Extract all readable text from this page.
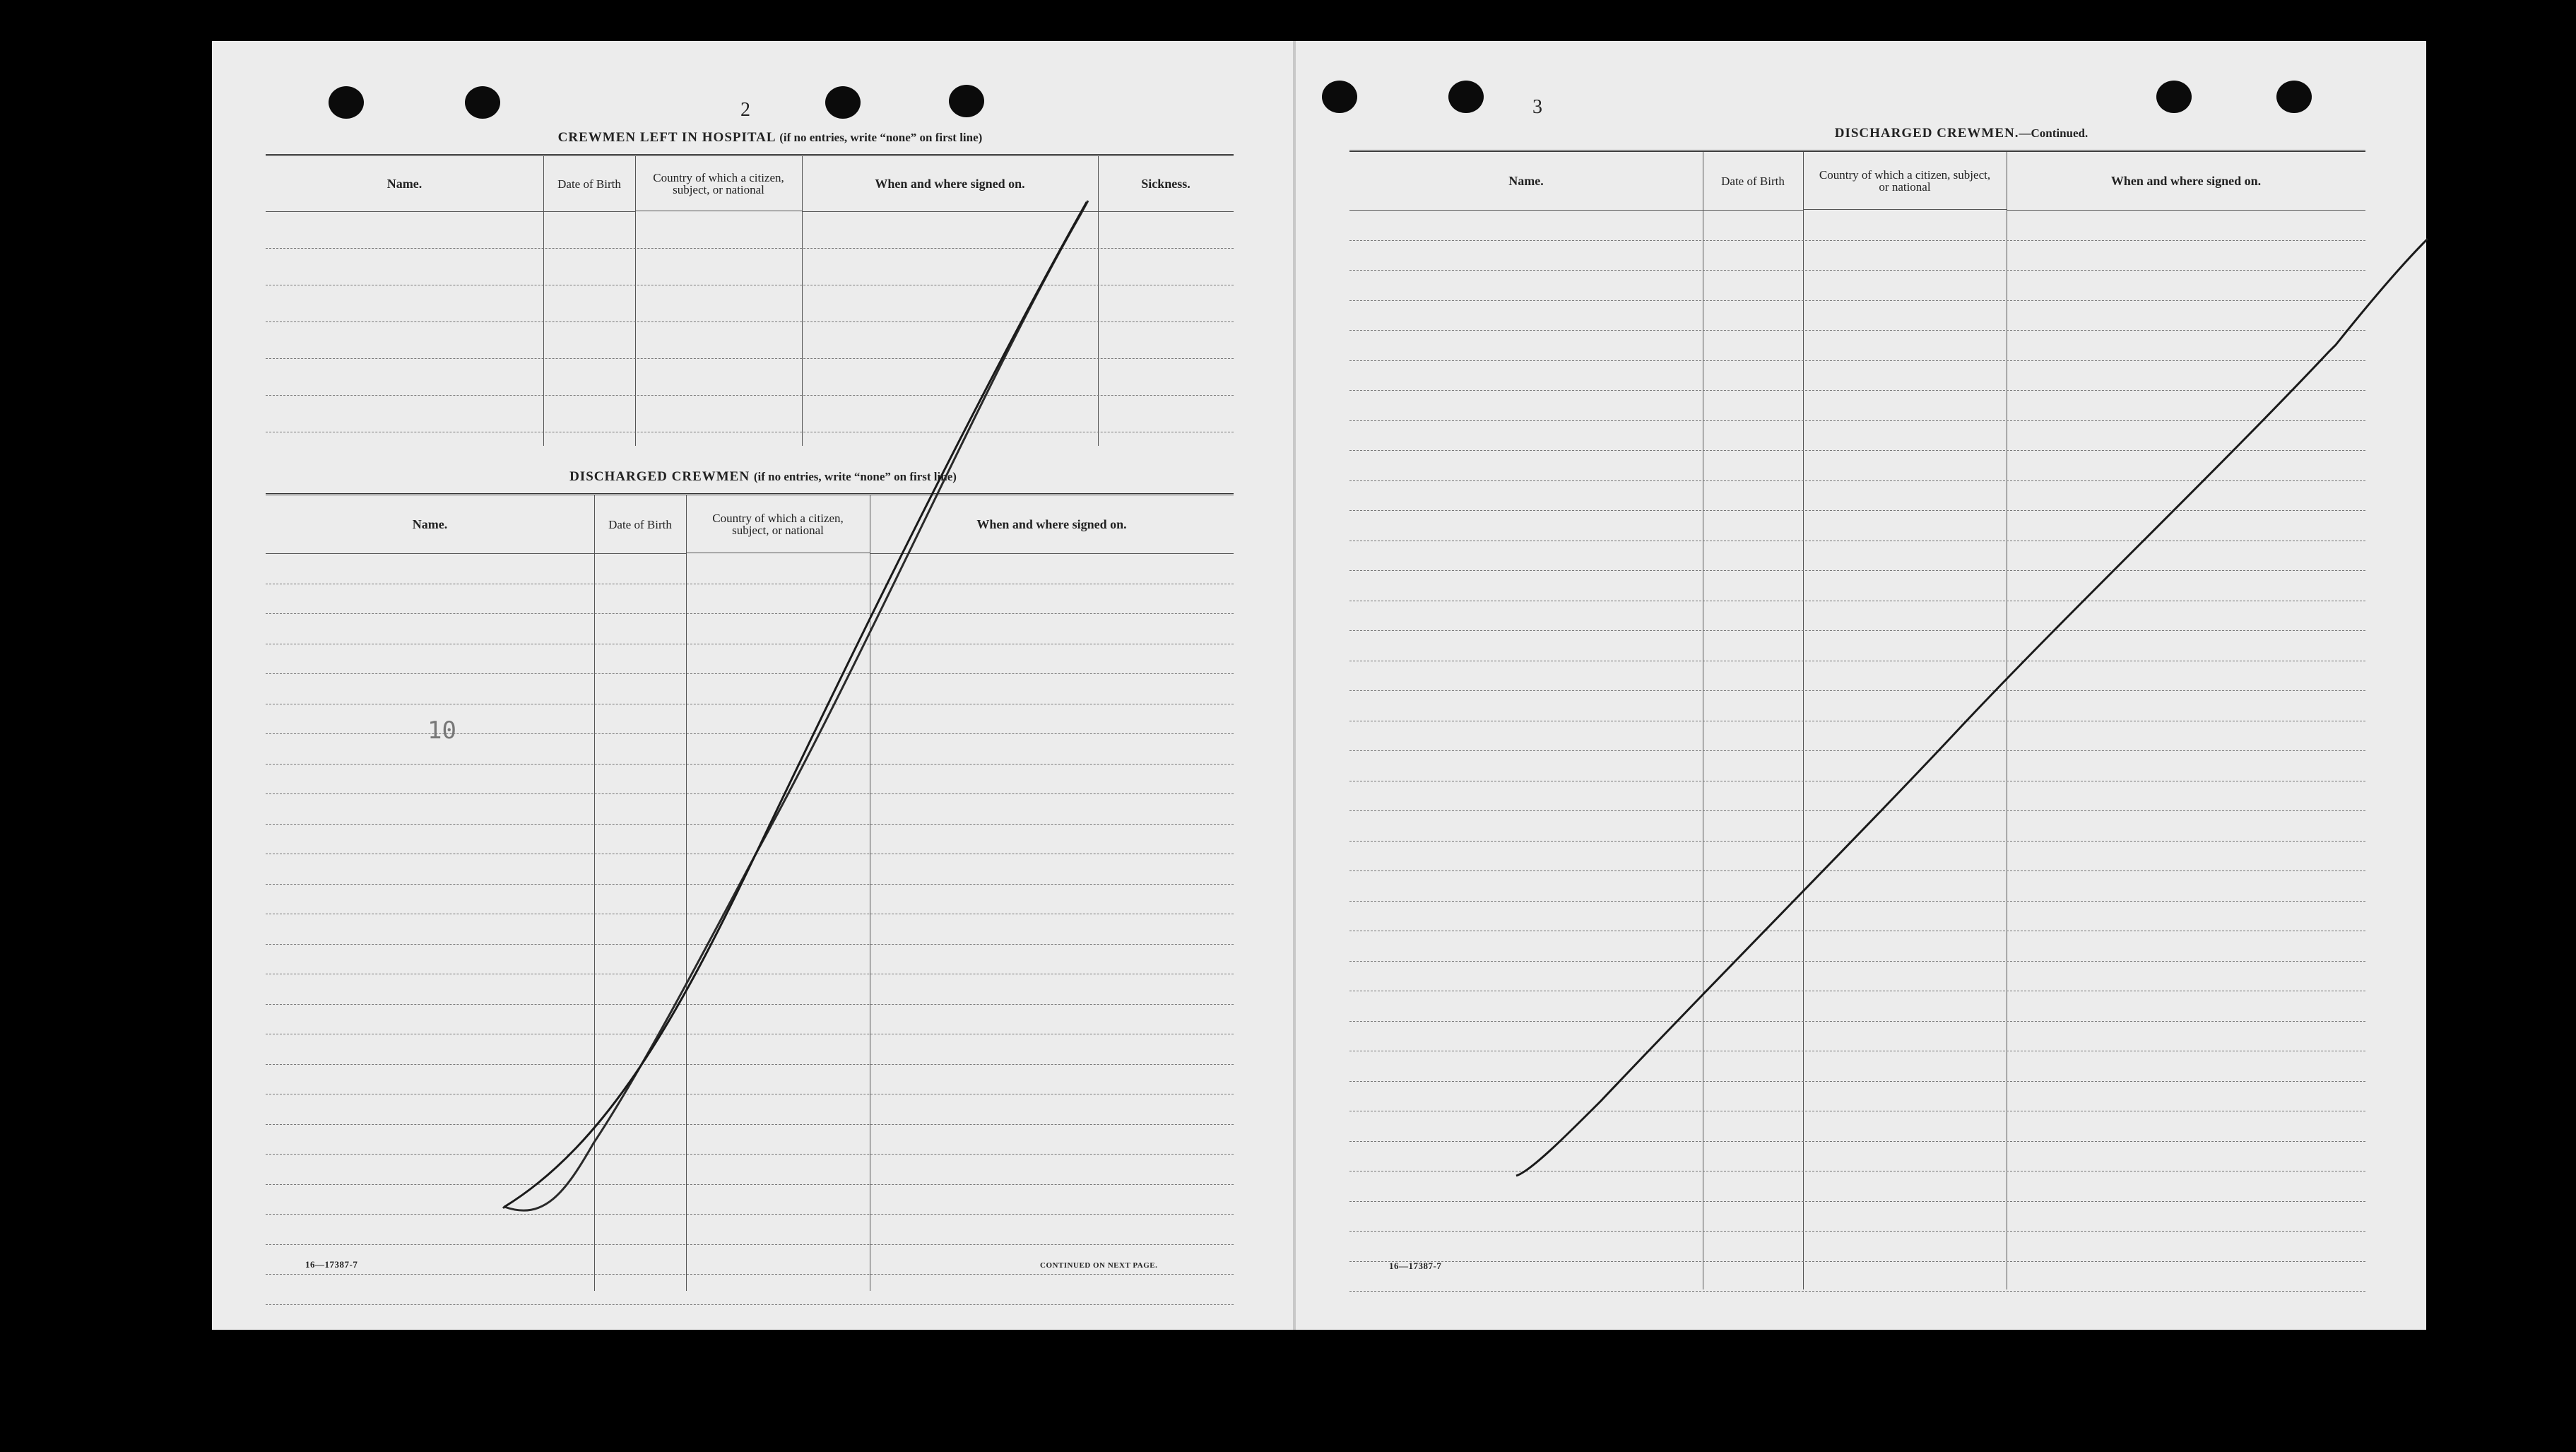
2
CREWMEN LEFT IN HOSPITAL (if no entries, write “none” on first line)
Name.	Date of Birth	Country of which a citizen, subject, or national	When and where signed on.	Sickness.
DISCHARGED CREWMEN (if no entries, write “none” on first line)
Name.	Date of Birth	Country of which a citizen, subject, or national	When and where signed on.
10
16—17387-7	CONTINUED ON NEXT PAGE.
3
DISCHARGED CREWMEN.—Continued.
Name.	Date of Birth	Country of which a citizen, subject, or national	When and where signed on.
16—17387-7
